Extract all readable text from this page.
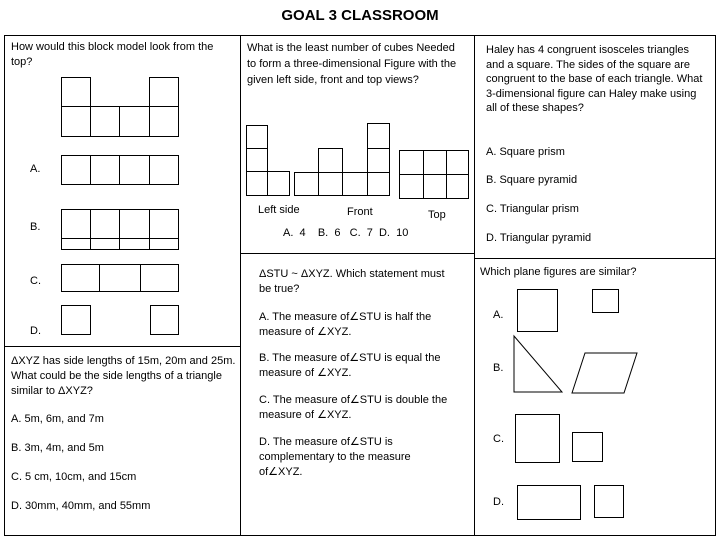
GOAL 3 CLASSROOM
How would this block model look from the top?
A.
B.
C.
D.
ΔXYZ has side lengths of 15m, 20m and 25m. What could be the side lengths of a triangle similar to ΔXYZ?
A. 5m, 6m, and 7m
B. 3m, 4m, and 5m
C. 5 cm, 10cm, and 15cm
D. 30mm, 40mm, and 55mm
What is the least number of cubes Needed to form a three-dimensional Figure with the given left side, front and top views?
Left side	Front	Top
A.  4    B.  6   C.  7  D.  10
ΔSTU ~ ΔXYZ. Which statement must be true?
A. The measure of∠STU is half the measure of ∠XYZ.
B. The measure of∠STU is equal the measure of ∠XYZ.
C. The measure of∠STU is double the measure of ∠XYZ.
D. The measure of∠STU is complementary to the measure of∠XYZ.
Haley has 4 congruent isosceles triangles and a square. The sides of the square are congruent to the base of each triangle. What 3-dimensional figure can Haley make using all of these shapes?
A. Square prism
B. Square pyramid
C. Triangular prism
D. Triangular pyramid
Which plane figures are similar?
A.
B.
C.
D.
